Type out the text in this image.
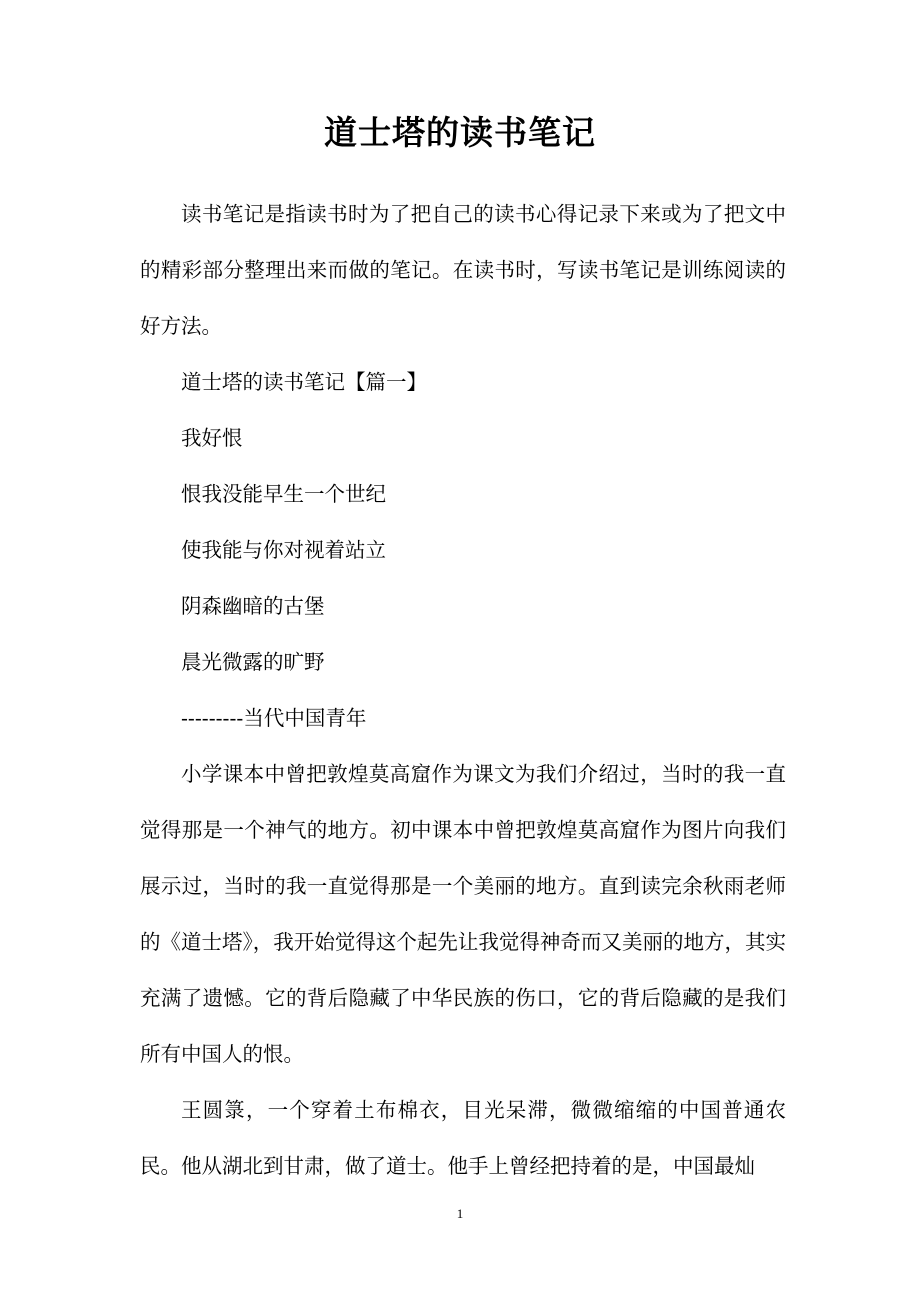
道士塔的读书笔记

读书笔记是指读书时为了把自己的读书心得记录下来或为了把文中的精彩部分整理出来而做的笔记。在读书时，写读书笔记是训练阅读的好方法。

道士塔的读书笔记【篇一】

我好恨

恨我没能早生一个世纪

使我能与你对视着站立

阴森幽暗的古堡

晨光微露的旷野

---------当代中国青年

小学课本中曾把敦煌莫高窟作为课文为我们介绍过，当时的我一直觉得那是一个神气的地方。初中课本中曾把敦煌莫高窟作为图片向我们展示过，当时的我一直觉得那是一个美丽的地方。直到读完余秋雨老师的《道士塔》，我开始觉得这个起先让我觉得神奇而又美丽的地方，其实充满了遗憾。它的背后隐藏了中华民族的伤口，它的背后隐藏的是我们所有中国人的恨。

王圆箓，一个穿着土布棉衣，目光呆滞，微微缩缩的中国普通农民。他从湖北到甘肃，做了道士。他手上曾经把持着的是，中国最灿

1
